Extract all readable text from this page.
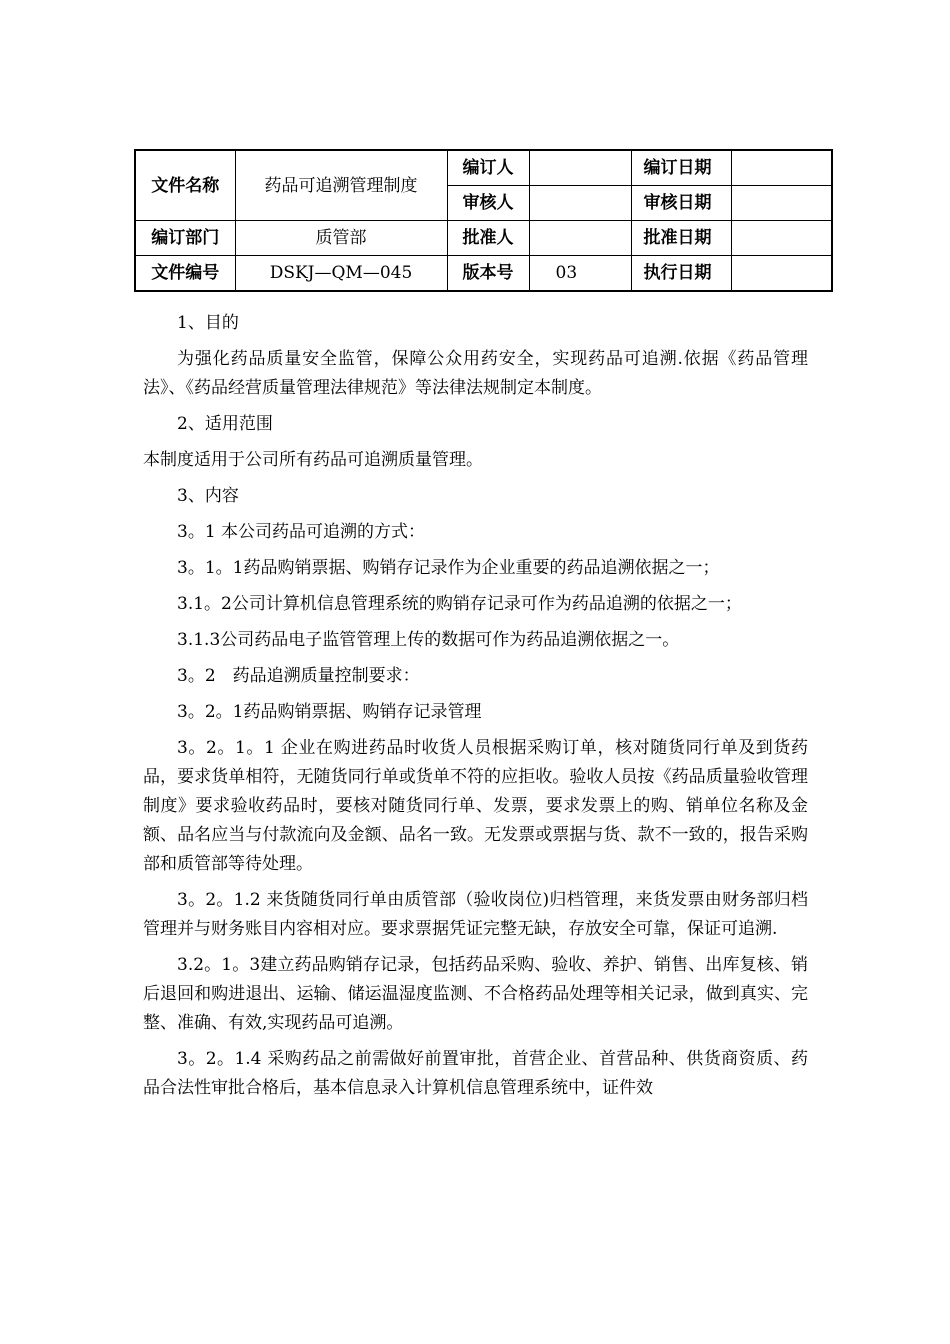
文件名称	药品可追溯管理制度	编订人		编订日期	
		审核人		审核日期	
编订部门	质管部	批准人		批准日期	
文件编号	DSKJ—QM—045	版本号	03	执行日期	

1、目的

为强化药品质量安全监管，保障公众用药安全，实现药品可追溯.依据《药品管理法》、《药品经营质量管理法律规范》等法律法规制定本制度。

2、适用范围

本制度适用于公司所有药品可追溯质量管理。

3、内容

3。1 本公司药品可追溯的方式：

3。1。1药品购销票据、购销存记录作为企业重要的药品追溯依据之一；

3.1。2公司计算机信息管理系统的购销存记录可作为药品追溯的依据之一；

3.1.3公司药品电子监管管理上传的数据可作为药品追溯依据之一。

3。2　药品追溯质量控制要求：

3。2。1药品购销票据、购销存记录管理

3。2。1。1 企业在购进药品时收货人员根据采购订单，核对随货同行单及到货药品，要求货单相符，无随货同行单或货单不符的应拒收。验收人员按《药品质量验收管理制度》要求验收药品时，要核对随货同行单、发票，要求发票上的购、销单位名称及金额、品名应当与付款流向及金额、品名一致。无发票或票据与货、款不一致的，报告采购部和质管部等待处理。

3。2。1.2 来货随货同行单由质管部（验收岗位)归档管理，来货发票由财务部归档管理并与财务账目内容相对应。要求票据凭证完整无缺，存放安全可靠，保证可追溯.

3.2。1。3建立药品购销存记录，包括药品采购、验收、养护、销售、出库复核、销后退回和购进退出、运输、储运温湿度监测、不合格药品处理等相关记录，做到真实、完整、准确、有效,实现药品可追溯。

3。2。1.4 采购药品之前需做好前置审批，首营企业、首营品种、供货商资质、药品合法性审批合格后，基本信息录入计算机信息管理系统中，证件效
